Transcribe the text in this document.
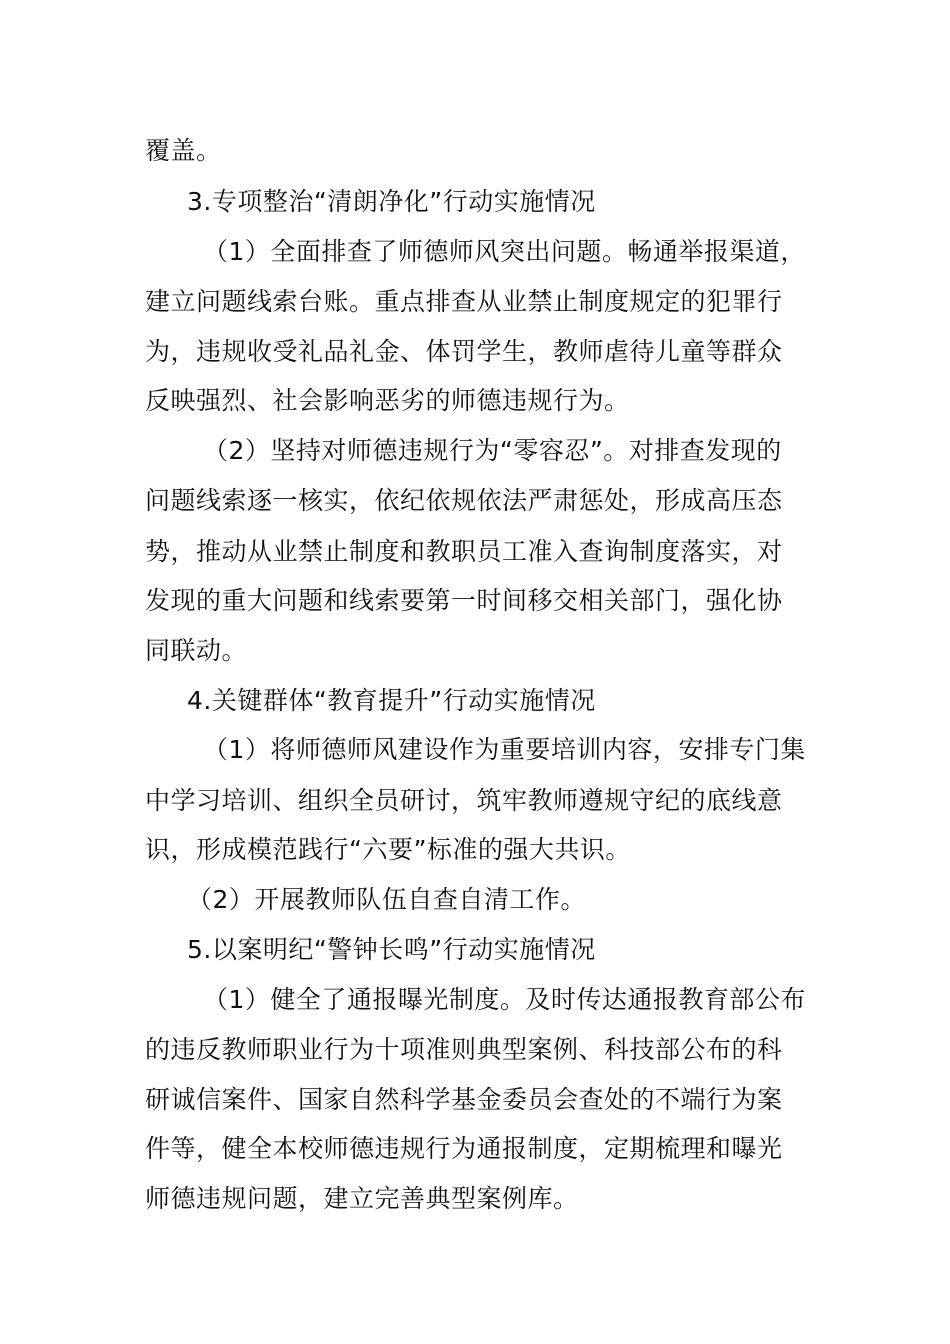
覆盖。
3.专项整治“清朗净化”行动实施情况
（1）全面排查了师德师风突出问题。畅通举报渠道，
建立问题线索台账。重点排查从业禁止制度规定的犯罪行
为，违规收受礼品礼金、体罚学生，教师虐待儿童等群众
反映强烈、社会影响恶劣的师德违规行为。
（2）坚持对师德违规行为“零容忍”。对排查发现的
问题线索逐一核实，依纪依规依法严肃惩处，形成高压态
势，推动从业禁止制度和教职员工准入查询制度落实，对
发现的重大问题和线索要第一时间移交相关部门，强化协
同联动。
4.关键群体“教育提升”行动实施情况
（1）将师德师风建设作为重要培训内容，安排专门集
中学习培训、组织全员研讨，筑牢教师遵规守纪的底线意
识，形成模范践行“六要”标准的强大共识。
（2）开展教师队伍自查自清工作。
5.以案明纪“警钟长鸣”行动实施情况
（1）健全了通报曝光制度。及时传达通报教育部公布
的违反教师职业行为十项准则典型案例、科技部公布的科
研诚信案件、国家自然科学基金委员会查处的不端行为案
件等，健全本校师德违规行为通报制度，定期梳理和曝光
师德违规问题，建立完善典型案例库。
